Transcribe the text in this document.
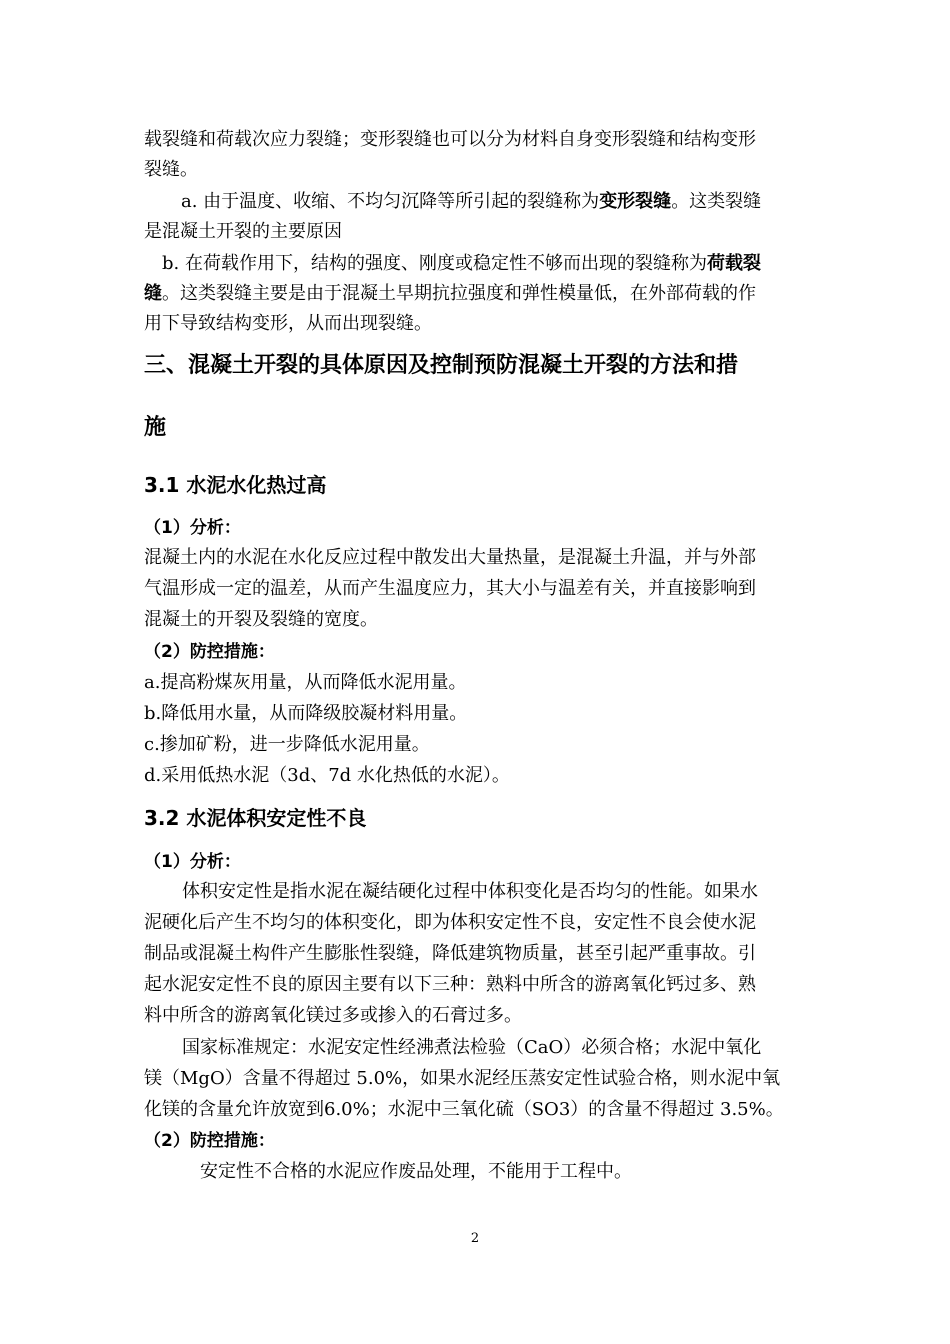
载裂缝和荷载次应力裂缝；变形裂缝也可以分为材料自身变形裂缝和结构变形
裂缝。
a. 由于温度、收缩、不均匀沉降等所引起的裂缝称为变形裂缝。这类裂缝
是混凝土开裂的主要原因
b. 在荷载作用下，结构的强度、刚度或稳定性不够而出现的裂缝称为荷载裂
缝。这类裂缝主要是由于混凝土早期抗拉强度和弹性模量低，在外部荷载的作
用下导致结构变形，从而出现裂缝。
三、混凝土开裂的具体原因及控制预防混凝土开裂的方法和措
施
3.1 水泥水化热过高
（1）分析：
混凝土内的水泥在水化反应过程中散发出大量热量，是混凝土升温，并与外部
气温形成一定的温差，从而产生温度应力，其大小与温差有关，并直接影响到
混凝土的开裂及裂缝的宽度。
（2）防控措施：
a.提高粉煤灰用量，从而降低水泥用量。
b.降低用水量，从而降级胶凝材料用量。
c.掺加矿粉，进一步降低水泥用量。
d.采用低热水泥（3d、7d 水化热低的水泥）。
3.2 水泥体积安定性不良
（1）分析：
体积安定性是指水泥在凝结硬化过程中体积变化是否均匀的性能。如果水
泥硬化后产生不均匀的体积变化，即为体积安定性不良，安定性不良会使水泥
制品或混凝土构件产生膨胀性裂缝，降低建筑物质量，甚至引起严重事故。引
起水泥安定性不良的原因主要有以下三种：熟料中所含的游离氧化钙过多、熟
料中所含的游离氧化镁过多或掺入的石膏过多。
国家标准规定：水泥安定性经沸煮法检验（CaO）必须合格；水泥中氧化
镁（MgO）含量不得超过 5.0%，如果水泥经压蒸安定性试验合格，则水泥中氧
化镁的含量允许放宽到6.0%；水泥中三氧化硫（SO3）的含量不得超过 3.5%。
（2）防控措施：
安定性不合格的水泥应作废品处理，不能用于工程中。
2
